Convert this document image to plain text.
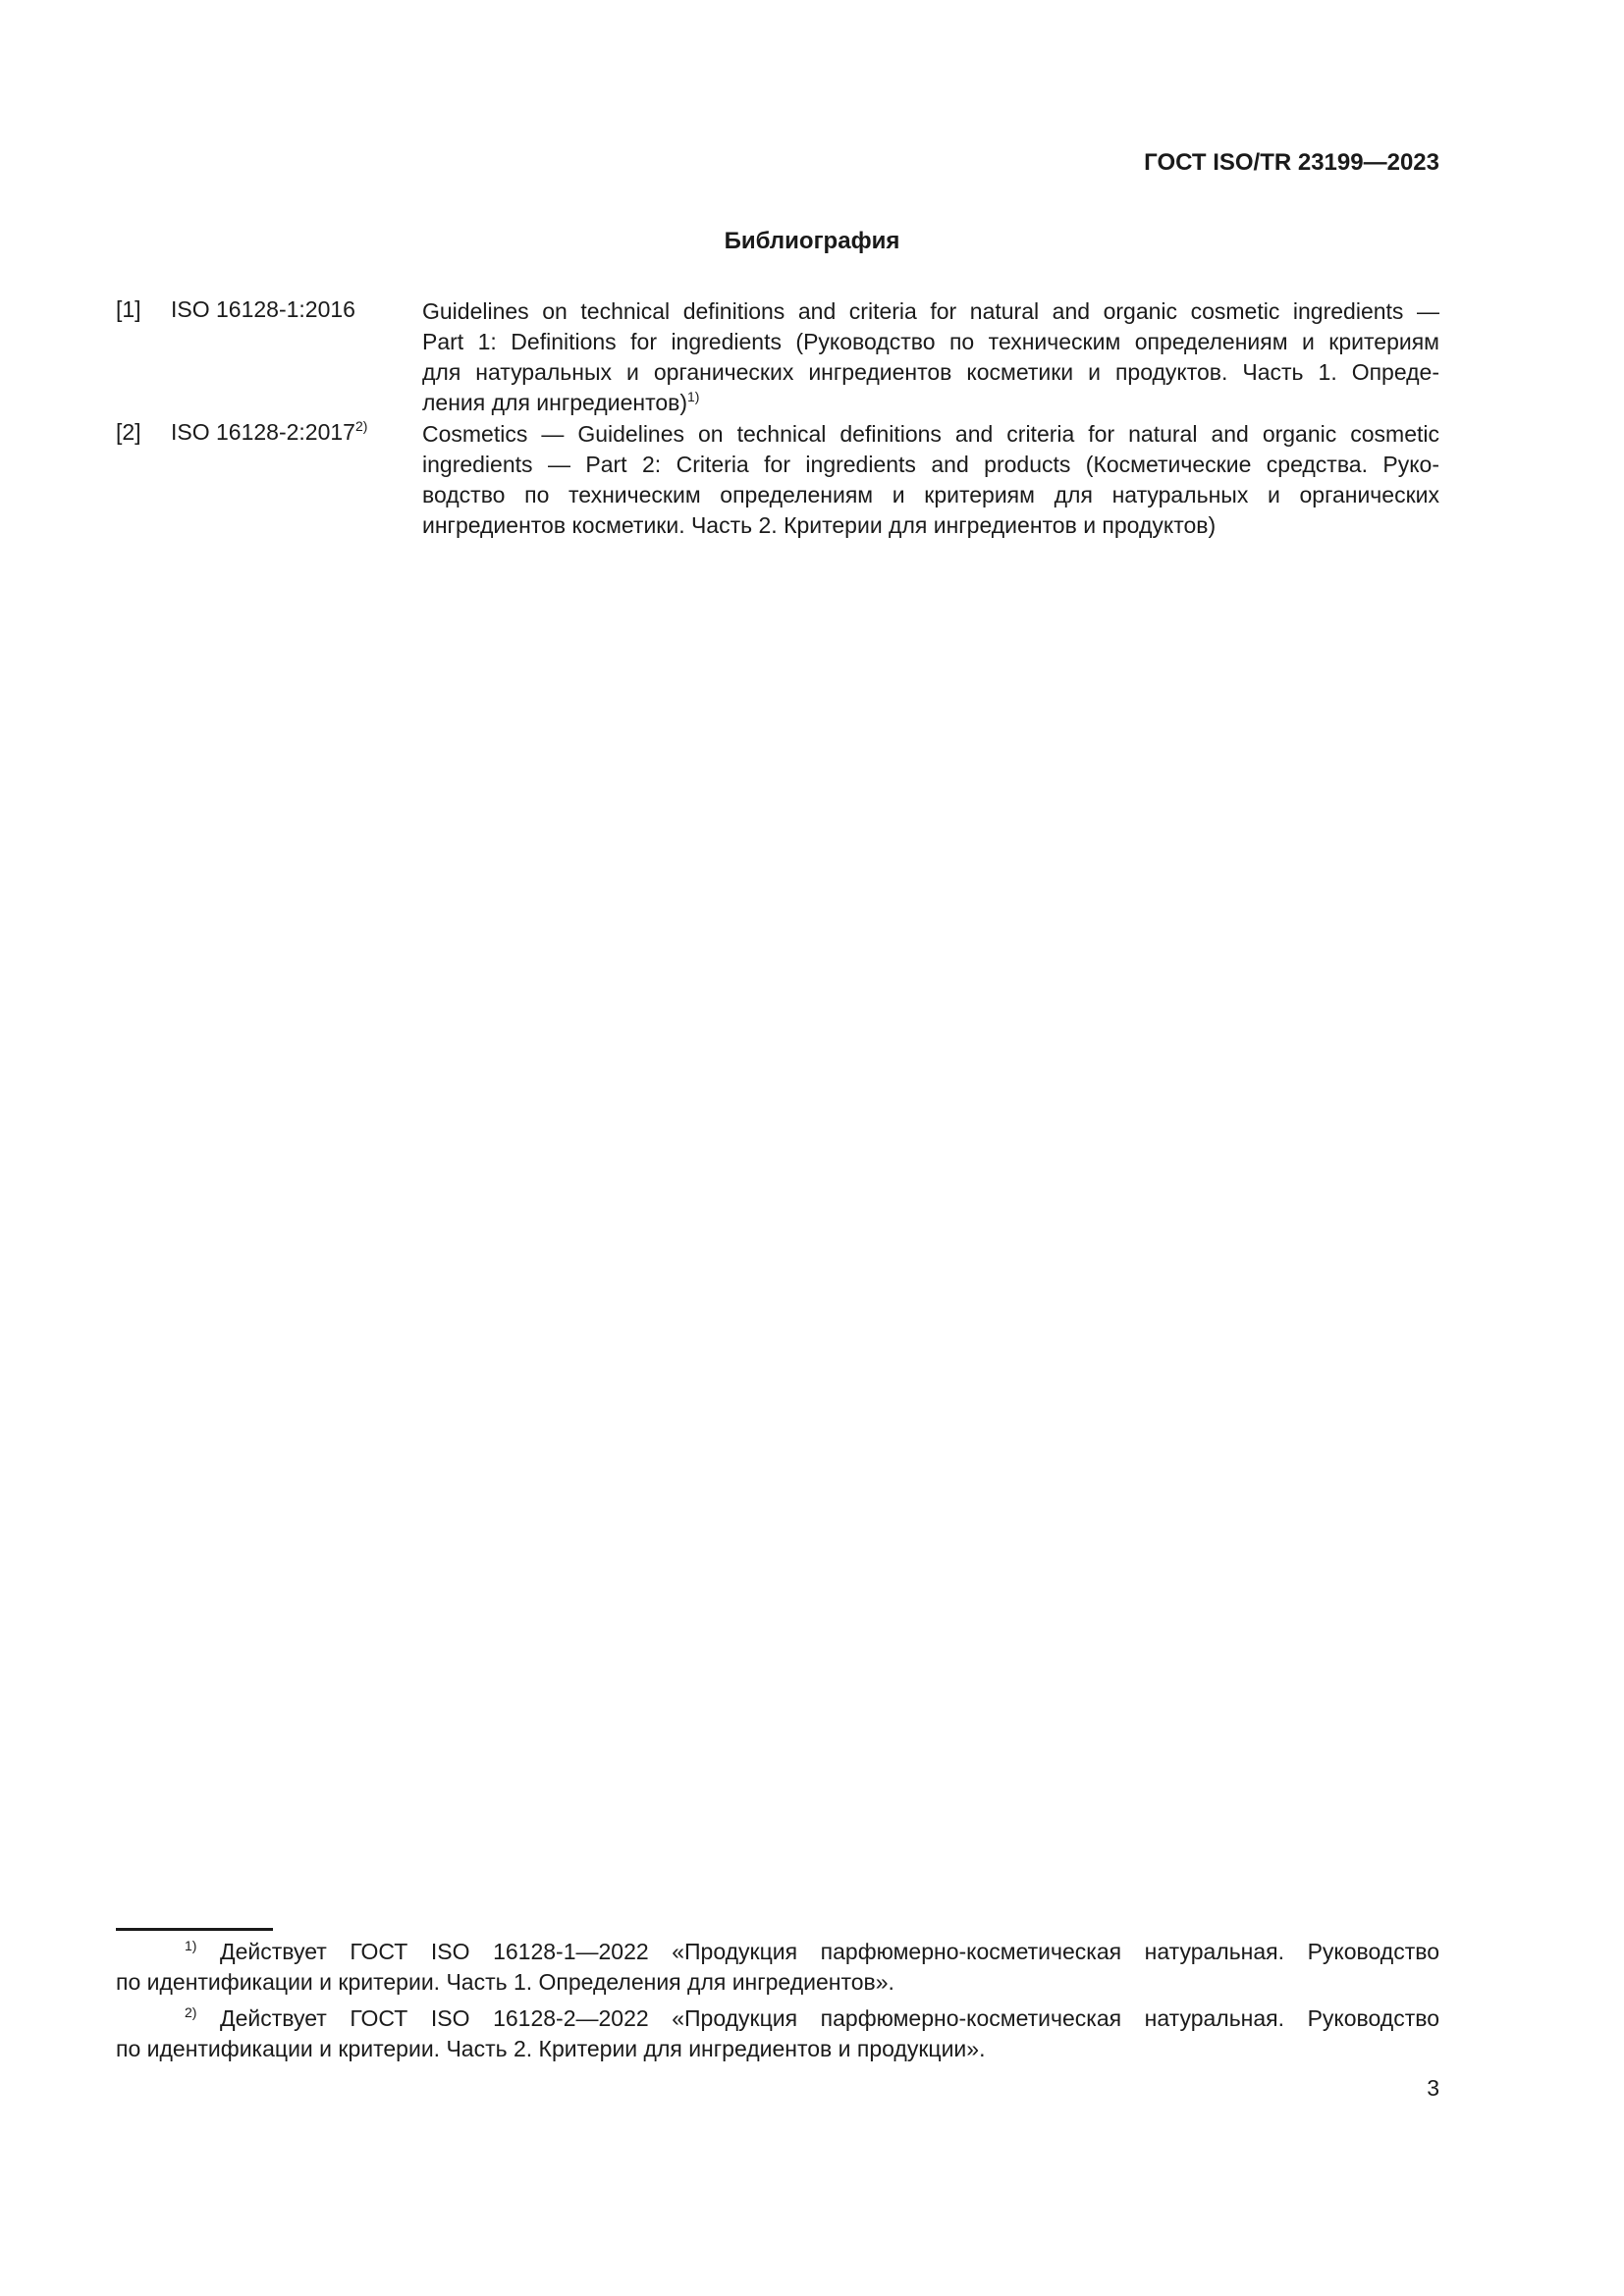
ГОСТ ISO/TR 23199—2023
Библиография
[1] ISO 16128-1:2016	Guidelines on technical definitions and criteria for natural and organic cosmetic ingredients —
Part 1: Definitions for ingredients (Руководство по техническим определениям и критериям
для натуральных и органических ингредиентов косметики и продуктов. Часть 1. Опреде-
ления для ингредиентов)$^{1)}$
[2] ISO 16128-2:2017$^{2)}$ Cosmetics — Guidelines on technical definitions and criteria for natural and organic cosmetic
ingredients — Part 2: Criteria for ingredients and products (Косметические средства. Руко-
водство по техническим определениям и критериям для натуральных и органических
ингредиентов косметики. Часть 2. Критерии для ингредиентов и продуктов)
$^{1)}$ Действует ГОСТ ISO 16128-1—2022 «Продукция парфюмерно-косметическая натуральная. Руководство
по идентификации и критерии. Часть 1. Определения для ингредиентов».
$^{2)}$ Действует ГОСТ ISO 16128-2—2022 «Продукция парфюмерно-косметическая натуральная. Руководство
по идентификации и критерии. Часть 2. Критерии для ингредиентов и продукции».
3
